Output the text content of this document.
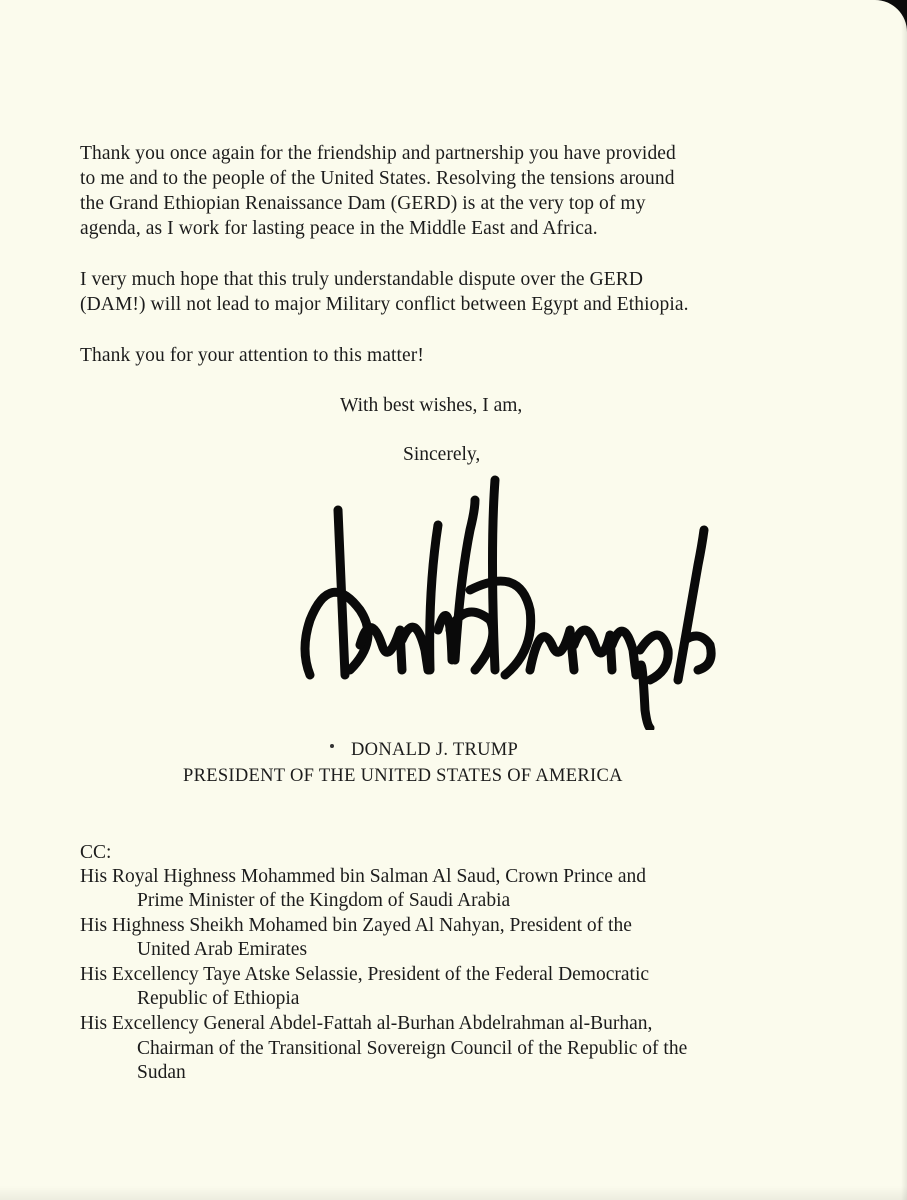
Thank you once again for the friendship and partnership you have provided
to me and to the people of the United States. Resolving the tensions around
the Grand Ethiopian Renaissance Dam (GERD) is at the very top of my
agenda, as I work for lasting peace in the Middle East and Africa.
I very much hope that this truly understandable dispute over the GERD
(DAM!) will not lead to major Military conflict between Egypt and Ethiopia.
Thank you for your attention to this matter!
With best wishes, I am,
Sincerely,
DONALD J. TRUMP
PRESIDENT OF THE UNITED STATES OF AMERICA
CC:
His Royal Highness Mohammed bin Salman Al Saud, Crown Prince and
Prime Minister of the Kingdom of Saudi Arabia
His Highness Sheikh Mohamed bin Zayed Al Nahyan, President of the
United Arab Emirates
His Excellency Taye Atske Selassie, President of the Federal Democratic
Republic of Ethiopia
His Excellency General Abdel-Fattah al-Burhan Abdelrahman al-Burhan,
Chairman of the Transitional Sovereign Council of the Republic of the
Sudan
